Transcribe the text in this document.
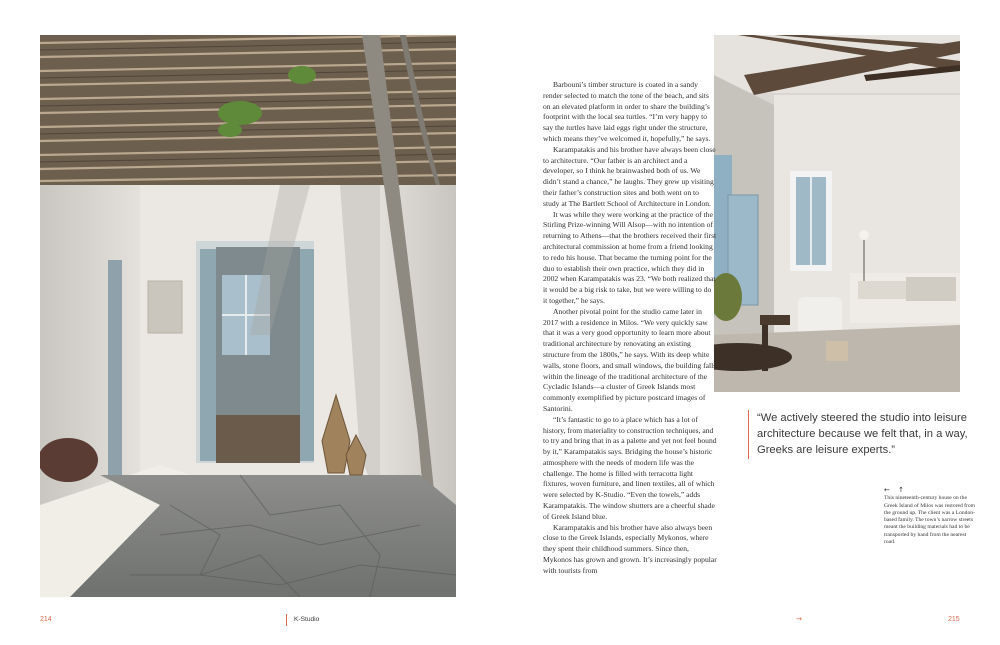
Barbouni’s timber structure is coated in a sandy render selected to match the tone of the beach, and sits on an elevated platform in order to share the building’s footprint with the local sea turtles. “I’m very happy to say the turtles have laid eggs right under the structure, which means they’ve welcomed it, hopefully,” he says.

Karampatakis and his brother have always been close to architecture. “Our father is an architect and a developer, so I think he brainwashed both of us. We didn’t stand a chance,” he laughs. They grew up visiting their father’s construction sites and both went on to study at The Bartlett School of Architecture in London.

It was while they were working at the practice of the Stirling Prize-winning Will Alsop—with no intention of returning to Athens—that the brothers received their first architectural commission at home from a friend looking to redo his house. That became the turning point for the duo to establish their own practice, which they did in 2002 when Karampatakis was 23. “We both realized that it would be a big risk to take, but we were willing to do it together,” he says.

Another pivotal point for the studio came later in 2017 with a residence in Milos. “We very quickly saw that it was a very good opportunity to learn more about traditional architecture by renovating an existing structure from the 1800s,” he says. With its deep white walls, stone floors, and small windows, the building falls within the lineage of the traditional architecture of the Cycladic Islands—a cluster of Greek Islands most commonly exemplified by picture postcard images of Santorini.

“It’s fantastic to go to a place which has a lot of history, from materiality to construction techniques, and to try and bring that in as a palette and yet not feel bound by it,” Karampatakis says. Bridging the house’s historic atmosphere with the needs of modern life was the challenge. The home is filled with terracotta light fixtures, woven furniture, and linen textiles, all of which were selected by K-Studio. “Even the towels,” adds Karampatakis. The window shutters are a cheerful shade of Greek Island blue.

Karampatakis and his brother have also always been close to the Greek Islands, especially Mykonos, where they spent their childhood summers. Since then, Mykonos has grown and grown. It’s increasingly popular with tourists from

“We actively steered the studio into leisure architecture because we felt that, in a way, Greeks are leisure experts.”
← ↑
This nineteenth-century house on the Greek Island of Milos was restored from the ground up. The client was a London-based family. The town’s narrow streets meant the building materials had to be transported by hand from the nearest road.
214	K-Studio	→	215
